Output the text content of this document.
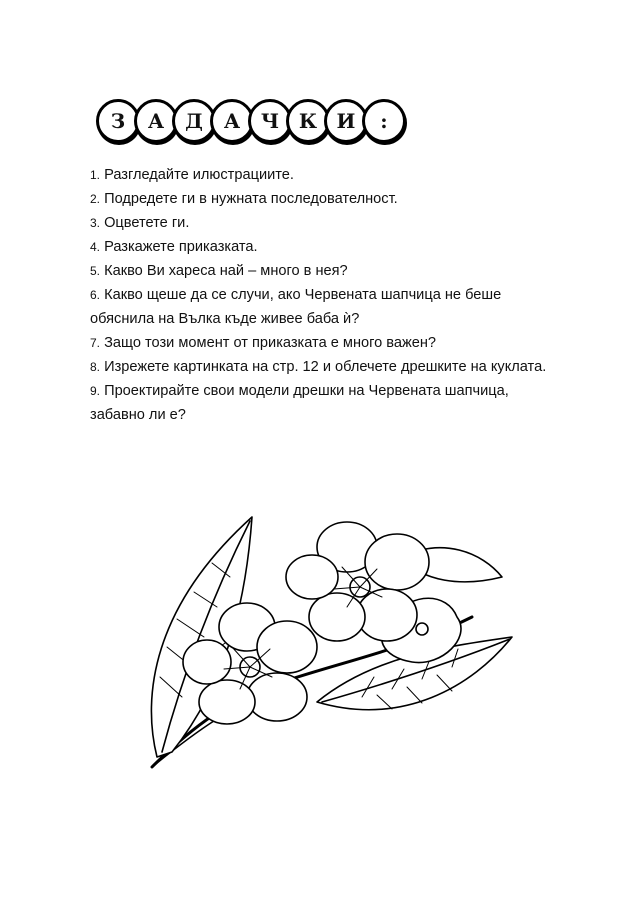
З	А	Д	А	Ч К И	:

1. Разгледайте илюстрациите.

2. Подредете ги в нужната последователност.

3. Оцветете ги.

4. Разкажете приказката.

5. Какво Ви хареса най – много в нея?

6. Какво щеше да се случи, ако Червената шапчица не беше

обяснила на Вълка къде живее баба ѝ?

7. Защо този момент от приказката е много важен?

8. Изрежете картинката на стр. 12 и облечете дрешките на куклата.

9. Проектирайте свои модели дрешки на Червената шапчица,

забавно ли е?
